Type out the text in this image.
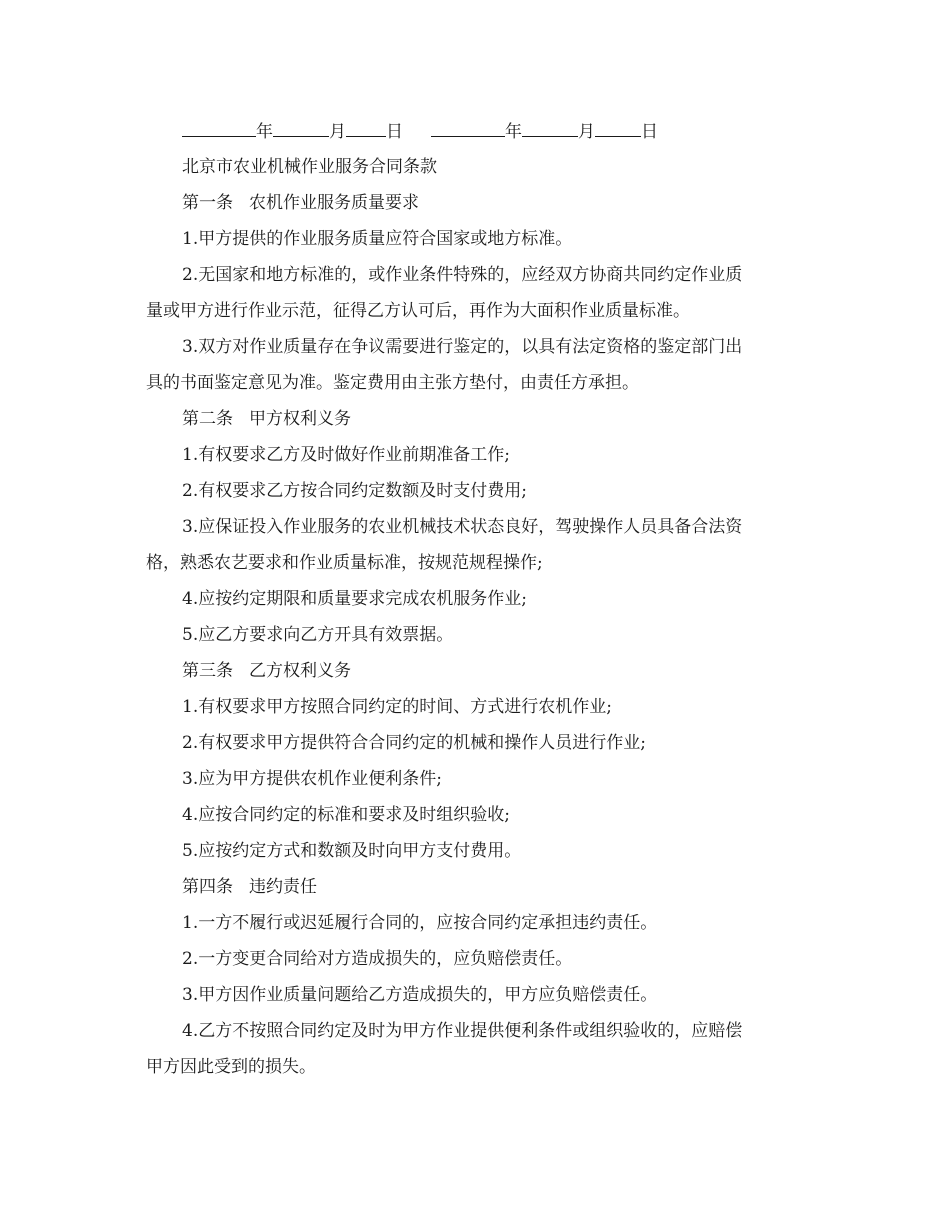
年	月 日	年	月	日
北京市农业机械作业服务合同条款
第一条 农机作业服务质量要求
1.甲方提供的作业服务质量应符合国家或地方标准。
2.无国家和地方标准的，或作业条件特殊的，应经双方协商共同约定作业质
量或甲方进行作业示范，征得乙方认可后，再作为大面积作业质量标准。
3.双方对作业质量存在争议需要进行鉴定的，以具有法定资格的鉴定部门出
具的书面鉴定意见为准。鉴定费用由主张方垫付，由责任方承担。
第二条 甲方权利义务
1.有权要求乙方及时做好作业前期准备工作;
2.有权要求乙方按合同约定数额及时支付费用;
3.应保证投入作业服务的农业机械技术状态良好，驾驶操作人员具备合法资
格，熟悉农艺要求和作业质量标准，按规范规程操作;
4.应按约定期限和质量要求完成农机服务作业;
5.应乙方要求向乙方开具有效票据。
第三条 乙方权利义务
1.有权要求甲方按照合同约定的时间、方式进行农机作业;
2.有权要求甲方提供符合合同约定的机械和操作人员进行作业;
3.应为甲方提供农机作业便利条件;
4.应按合同约定的标准和要求及时组织验收;
5.应按约定方式和数额及时向甲方支付费用。
第四条 违约责任
1.一方不履行或迟延履行合同的，应按合同约定承担违约责任。
2.一方变更合同给对方造成损失的，应负赔偿责任。
3.甲方因作业质量问题给乙方造成损失的，甲方应负赔偿责任。
4.乙方不按照合同约定及时为甲方作业提供便利条件或组织验收的，应赔偿
甲方因此受到的损失。
